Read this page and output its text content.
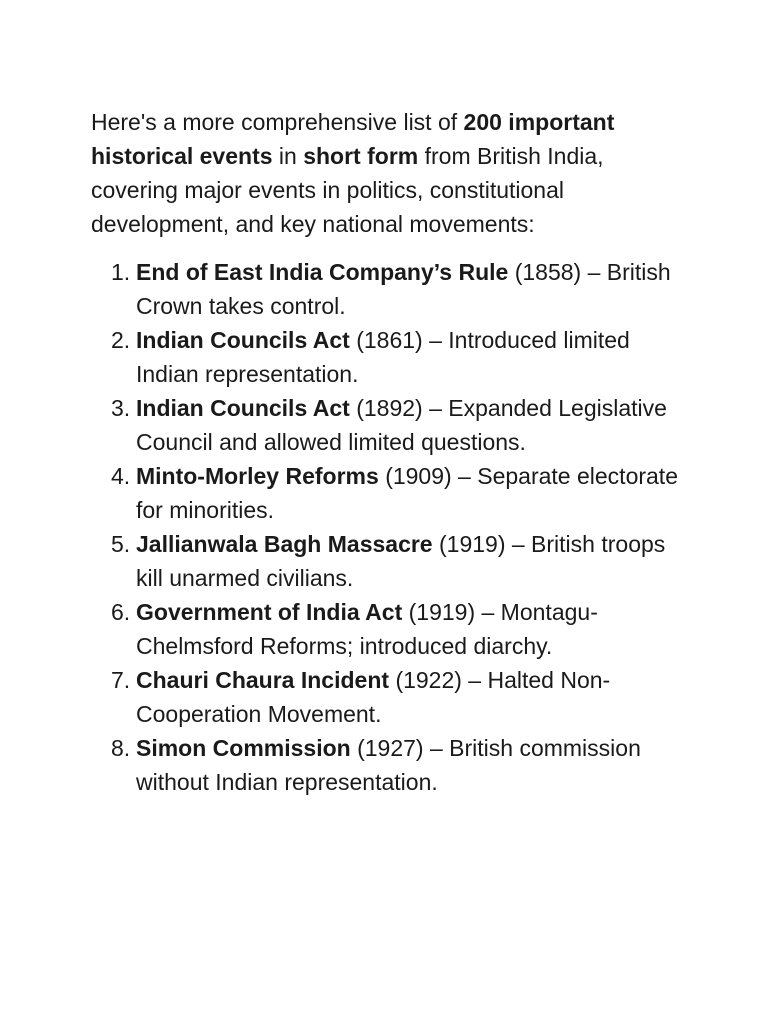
Here's a more comprehensive list of 200 important historical events in short form from British India, covering major events in politics, constitutional development, and key national movements:

1. End of East India Company’s Rule (1858) – British Crown takes control.
2. Indian Councils Act (1861) – Introduced limited Indian representation.
3. Indian Councils Act (1892) – Expanded Legislative Council and allowed limited questions.
4. Minto-Morley Reforms (1909) – Separate electorate for minorities.
5. Jallianwala Bagh Massacre (1919) – British troops kill unarmed civilians.
6. Government of India Act (1919) – Montagu-Chelmsford Reforms; introduced diarchy.
7. Chauri Chaura Incident (1922) – Halted Non-Cooperation Movement.
8. Simon Commission (1927) – British commission without Indian representation.
